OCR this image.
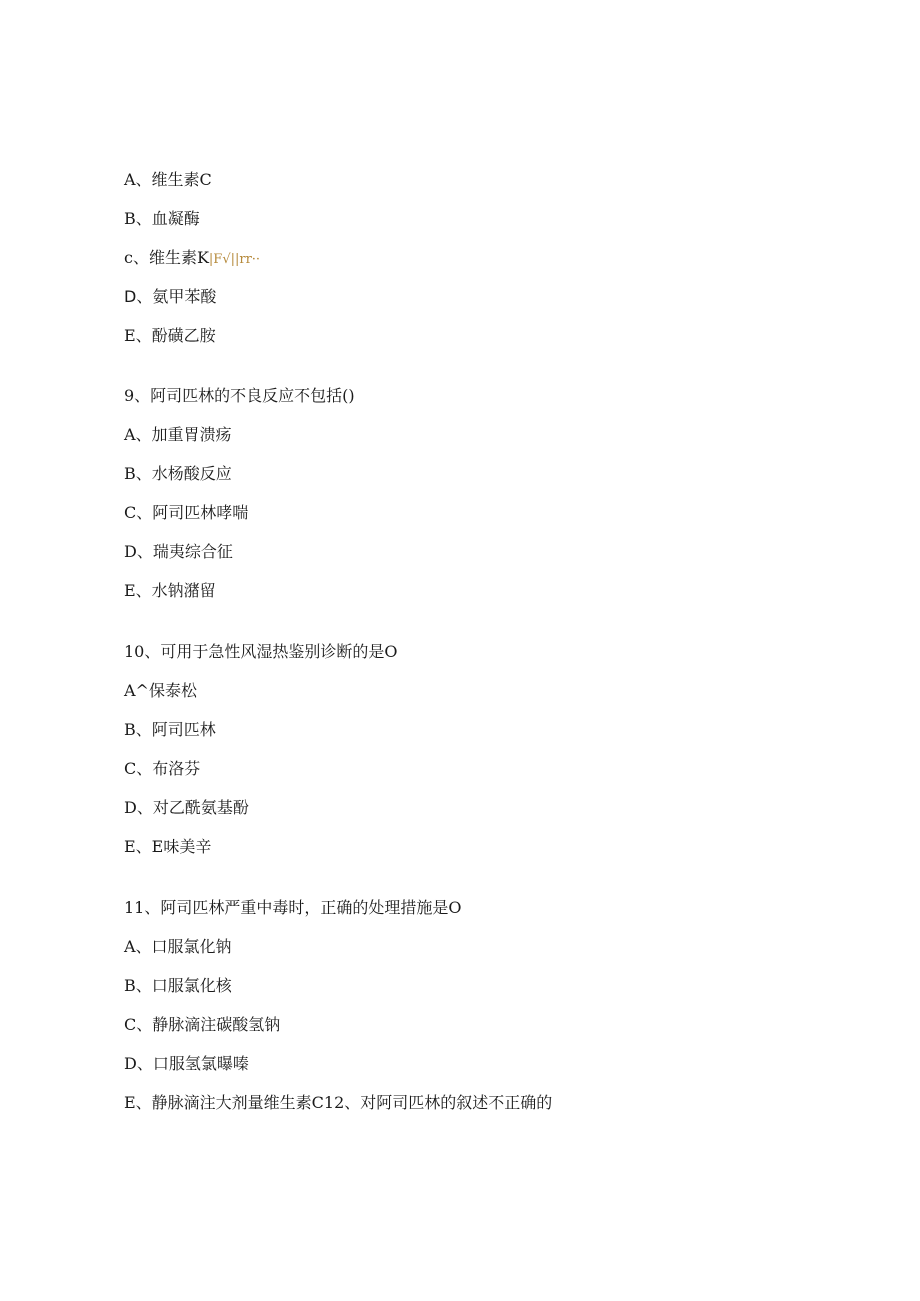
A、维生素C
B、血凝酶
c、维生素K|F√||rr··
D、氨甲苯酸
E、酚磺乙胺
9、阿司匹林的不良反应不包括()
A、加重胃溃疡
B、水杨酸反应
C、阿司匹林哮喘
D、瑞夷综合征
E、水钠潴留
10、可用于急性风湿热鉴别诊断的是O
A^保泰松
B、阿司匹林
C、布洛芬
D、对乙酰氨基酚
E、E味美辛
11、阿司匹林严重中毒时，正确的处理措施是O
A、口服氯化钠
B、口服氯化核
C、静脉滴注碳酸氢钠
D、口服氢氯曝嗪
E、静脉滴注大剂量维生素C12、对阿司匹林的叙述不正确的
